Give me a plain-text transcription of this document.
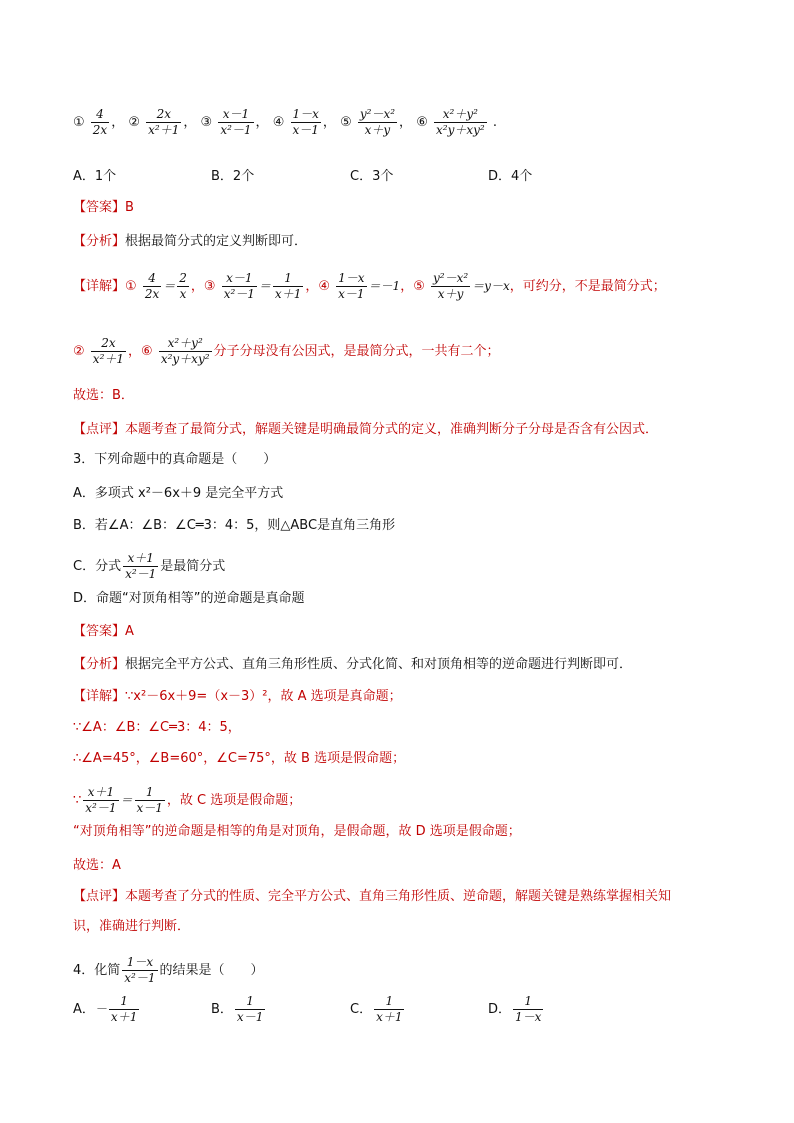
① $\frac{4}{2x}$ ， ② $\frac{2x}{\text{x²＋1}}$ ， ③ $\frac{x-1}{\text{x²－1}}$ ， ④ $\frac{1-x}{x-1}$ ， ⑤ $\frac{\text{y²－x²}}{x+y}$ ， ⑥ $\frac{\text{x²＋y²}}{\text{x²y＋xy²}}$ .
A．1个	B．2个	C．3个	D．4个
【答案】B
【分析】根据最简分式的定义判断即可．
【详解】① $\frac{4}{2x} = \frac{2}{x}$ ，③ $\frac{x-1}{\text{x²－1}} = \frac{1}{x+1}$ ，④ $\frac{1-x}{x-1} =-1$，⑤ $\frac{\text{y²－x²}}{x+y} =y-x$，可约分，不是最简分式；
② $\frac{2x}{\text{x²＋1}}$ ，⑥ $\frac{\text{x²＋y²}}{\text{x²y＋xy²}}$ 分子分母没有公因式，是最简分式，一共有二个；
故选：B．
【点评】本题考查了最简分式，解题关键是明确最简分式的定义，准确判断分子分母是否含有公因式．
3．下列命题中的真命题是（　　）
A．多项式 x²－6x＋9 是完全平方式
B．若∠A：∠B：∠C═3：4：5，则△ABC是直角三角形
C．分式 $\frac{x+1}{\text{x²－1}}$ 是最简分式
D．命题“对顶角相等”的逆命题是真命题
【答案】A
【分析】根据完全平方公式、直角三角形性质、分式化简、和对顶角相等的逆命题进行判断即可．
【详解】∵x²－6x＋9=（x－3）²，故 A 选项是真命题；
∵∠A：∠B：∠C═3：4：5，
∴∠A=45°，∠B=60°，∠C=75°，故 B 选项是假命题；
∵ $\frac{x+1}{\text{x²－1}} = \frac{1}{x-1}$ ，故 C 选项是假命题；
“对顶角相等”的逆命题是相等的角是对顶角，是假命题，故 D 选项是假命题；
故选：A
【点评】本题考查了分式的性质、完全平方公式、直角三角形性质、逆命题，解题关键是熟练掌握相关知
识，准确进行判断．
4．化简 $\frac{1-x}{\text{x²－1}}$ 的结果是（　　）
A．－ $\frac{1}{x+1}$	B． $\frac{1}{x-1}$	C． $\frac{1}{x+1}$	D． $\frac{1}{1-x}$
